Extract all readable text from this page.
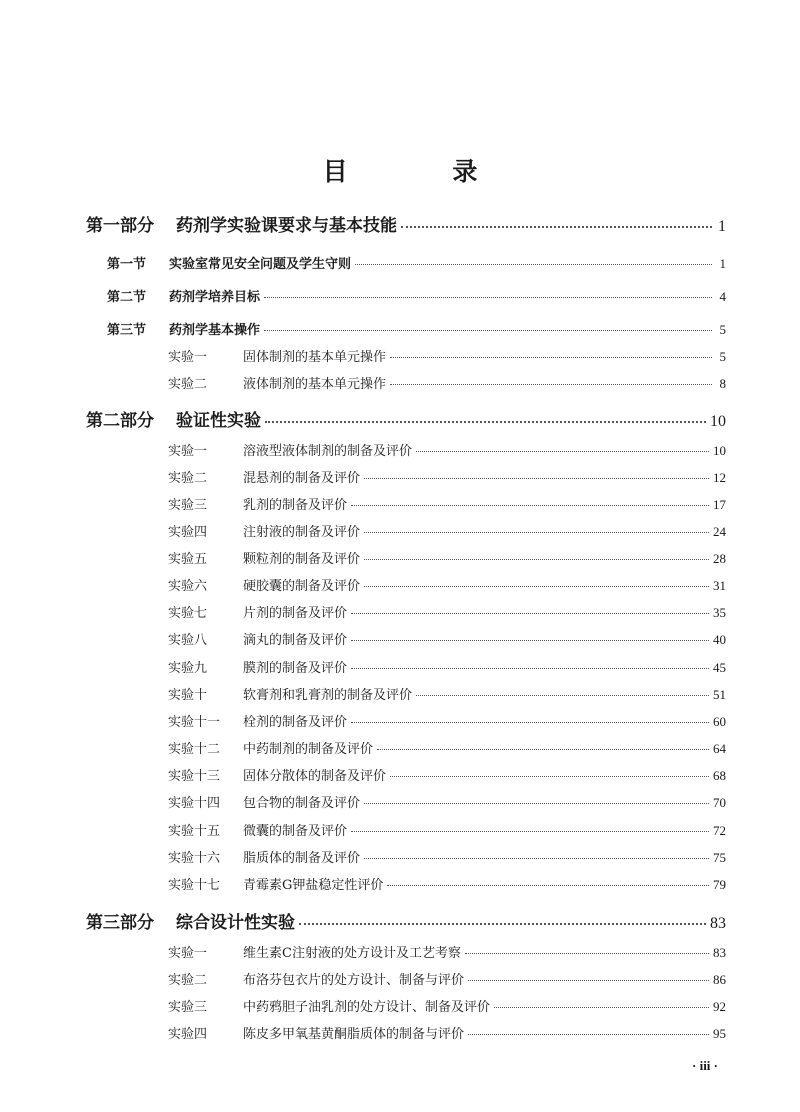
目 录
第一部分	药剂学实验课要求与基本技能	1
第一节	实验室常见安全问题及学生守则	1
第二节	药剂学培养目标	4
第三节	药剂学基本操作	5
实验一	固体制剂的基本单元操作	5
实验二	液体制剂的基本单元操作	8
第二部分	验证性实验	10
实验一	溶液型液体制剂的制备及评价	10
实验二	混悬剂的制备及评价	12
实验三	乳剂的制备及评价	17
实验四	注射液的制备及评价	24
实验五	颗粒剂的制备及评价	28
实验六	硬胶囊的制备及评价	31
实验七	片剂的制备及评价	35
实验八	滴丸的制备及评价	40
实验九	膜剂的制备及评价	45
实验十	软膏剂和乳膏剂的制备及评价	51
实验十一	栓剂的制备及评价	60
实验十二	中药制剂的制备及评价	64
实验十三	固体分散体的制备及评价	68
实验十四	包合物的制备及评价	70
实验十五	微囊的制备及评价	72
实验十六	脂质体的制备及评价	75
实验十七	青霉素G钾盐稳定性评价	79
第三部分	综合设计性实验	83
实验一	维生素C注射液的处方设计及工艺考察	83
实验二	布洛芬包衣片的处方设计、制备与评价	86
实验三	中药鸦胆子油乳剂的处方设计、制备及评价	92
实验四	陈皮多甲氧基黄酮脂质体的制备与评价	95
· iii ·
